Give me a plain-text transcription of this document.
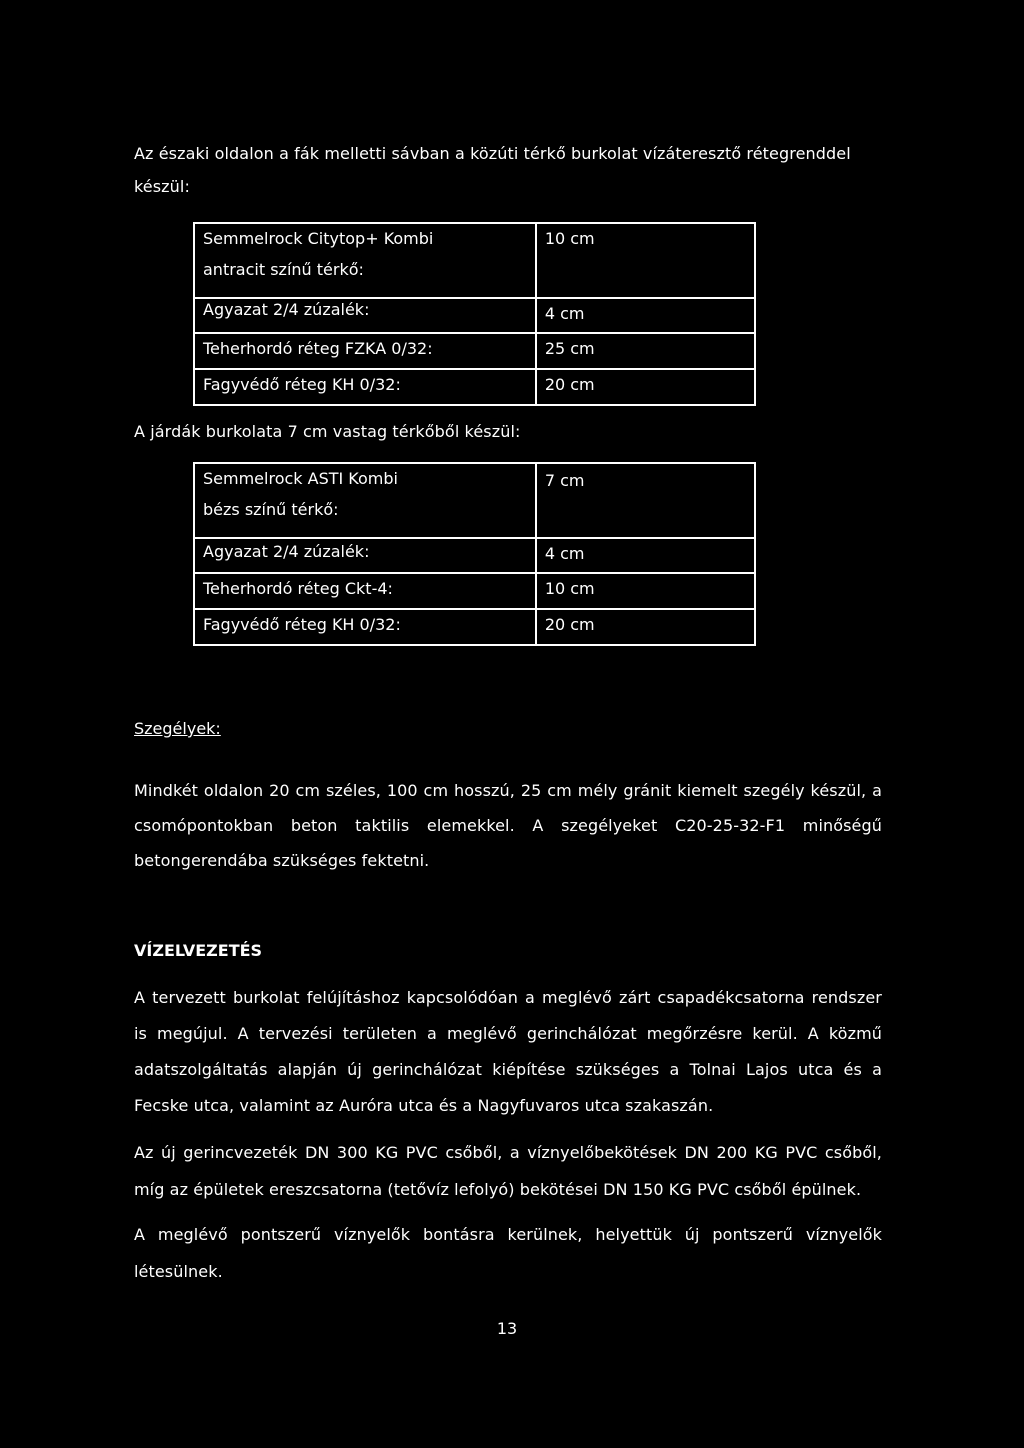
Az északi oldalon a fák melletti sávban a közúti térkő burkolat vízáteresztő rétegrenddel készül:

Semmelrock Citytop+ Kombi
antracit színű térkő:	10 cm
Agyazat 2/4 zúzalék:	4 cm
Teherhordó réteg FZKA 0/32:	25 cm
Fagyvédő réteg KH 0/32:	20 cm

A járdák burkolata 7 cm vastag térkőből készül:

Semmelrock ASTI Kombi
bézs színű térkő:	7 cm
Agyazat 2/4 zúzalék:	4 cm
Teherhordó réteg Ckt-4:	10 cm
Fagyvédő réteg KH 0/32:	20 cm
Szegélyek:

Mindkét oldalon 20 cm széles, 100 cm hosszú, 25 cm mély gránit kiemelt szegély készül, a csomópontokban beton taktilis elemekkel. A szegélyeket C20-25-32-F1 minőségű betongerendába szükséges fektetni.

VÍZELVEZETÉS

A tervezett burkolat felújításhoz kapcsolódóan a meglévő zárt csapadékcsatorna rendszer is megújul. A tervezési területen a meglévő gerinchálózat megőrzésre kerül. A közmű adatszolgáltatás alapján új gerinchálózat kiépítése szükséges a Tolnai Lajos utca és a Fecske utca, valamint az Auróra utca és a Nagyfuvaros utca szakaszán.

Az új gerincvezeték DN 300 KG PVC csőből, a víznyelőbekötések DN 200 KG PVC csőből, míg az épületek ereszcsatorna (tetővíz lefolyó) bekötései DN 150 KG PVC csőből épülnek.

A meglévő pontszerű víznyelők bontásra kerülnek, helyettük új pontszerű víznyelők létesülnek.

13
